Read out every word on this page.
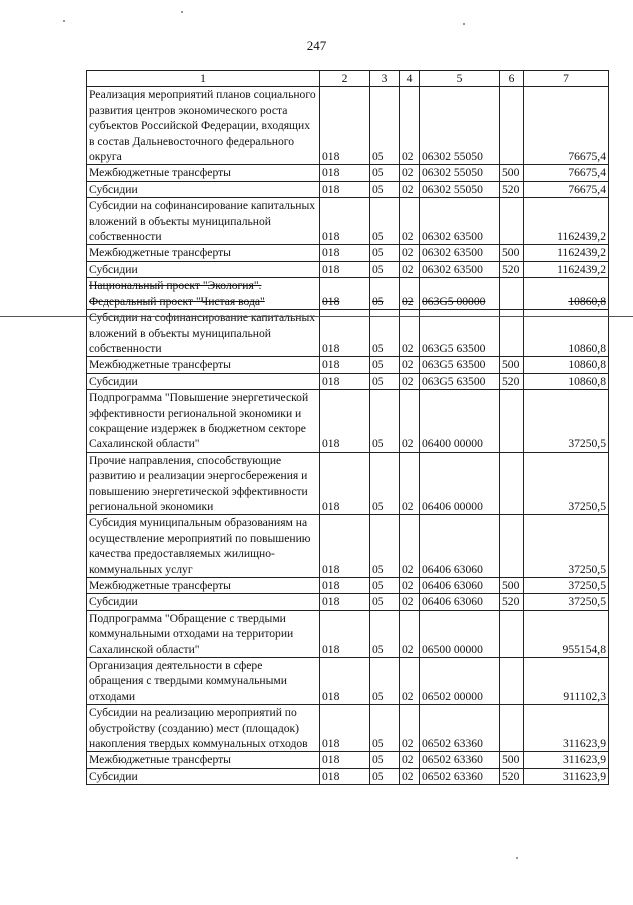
247
1	2	3	4	5	6	7
Реализация мероприятий планов социального развития центров экономического роста субъектов Российской Федерации, входящих в состав Дальневосточного федерального округа	018	05	02	06302 55050		76675,4
Межбюджетные трансферты	018	05	02	06302 55050	500	76675,4
Субсидии	018	05	02	06302 55050	520	76675,4
Субсидии на софинансирование капитальных вложений в объекты муниципальной собственности	018	05	02	06302 63500		1162439,2
Межбюджетные трансферты	018	05	02	06302 63500	500	1162439,2
Субсидии	018	05	02	06302 63500	520	1162439,2
Национальный проект "Экология". Федеральный проект "Чистая вода"	018	05	02	063G5 00000		10860,8
Субсидии на софинансирование капитальных вложений в объекты муниципальной собственности	018	05	02	063G5 63500		10860,8
Межбюджетные трансферты	018	05	02	063G5 63500	500	10860,8
Субсидии	018	05	02	063G5 63500	520	10860,8
Подпрограмма "Повышение энергетической эффективности региональной экономики и сокращение издержек в бюджетном секторе Сахалинской области"	018	05	02	06400 00000		37250,5
Прочие направления, способствующие развитию и реализации энергосбережения и повышению энергетической эффективности региональной экономики	018	05	02	06406 00000		37250,5
Субсидия муниципальным образованиям на осуществление мероприятий по повышению качества предоставляемых жилищно-коммунальных услуг	018	05	02	06406 63060		37250,5
Межбюджетные трансферты	018	05	02	06406 63060	500	37250,5
Субсидии	018	05	02	06406 63060	520	37250,5
Подпрограмма "Обращение с твердыми коммунальными отходами на территории Сахалинской области"	018	05	02	06500 00000		955154,8
Организация деятельности в сфере обращения с твердыми коммунальными отходами	018	05	02	06502 00000		911102,3
Субсидии на реализацию мероприятий по обустройству (созданию) мест (площадок) накопления твердых коммунальных отходов	018	05	02	06502 63360		311623,9
Межбюджетные трансферты	018	05	02	06502 63360	500	311623,9
Субсидии	018	05	02	06502 63360	520	311623,9
